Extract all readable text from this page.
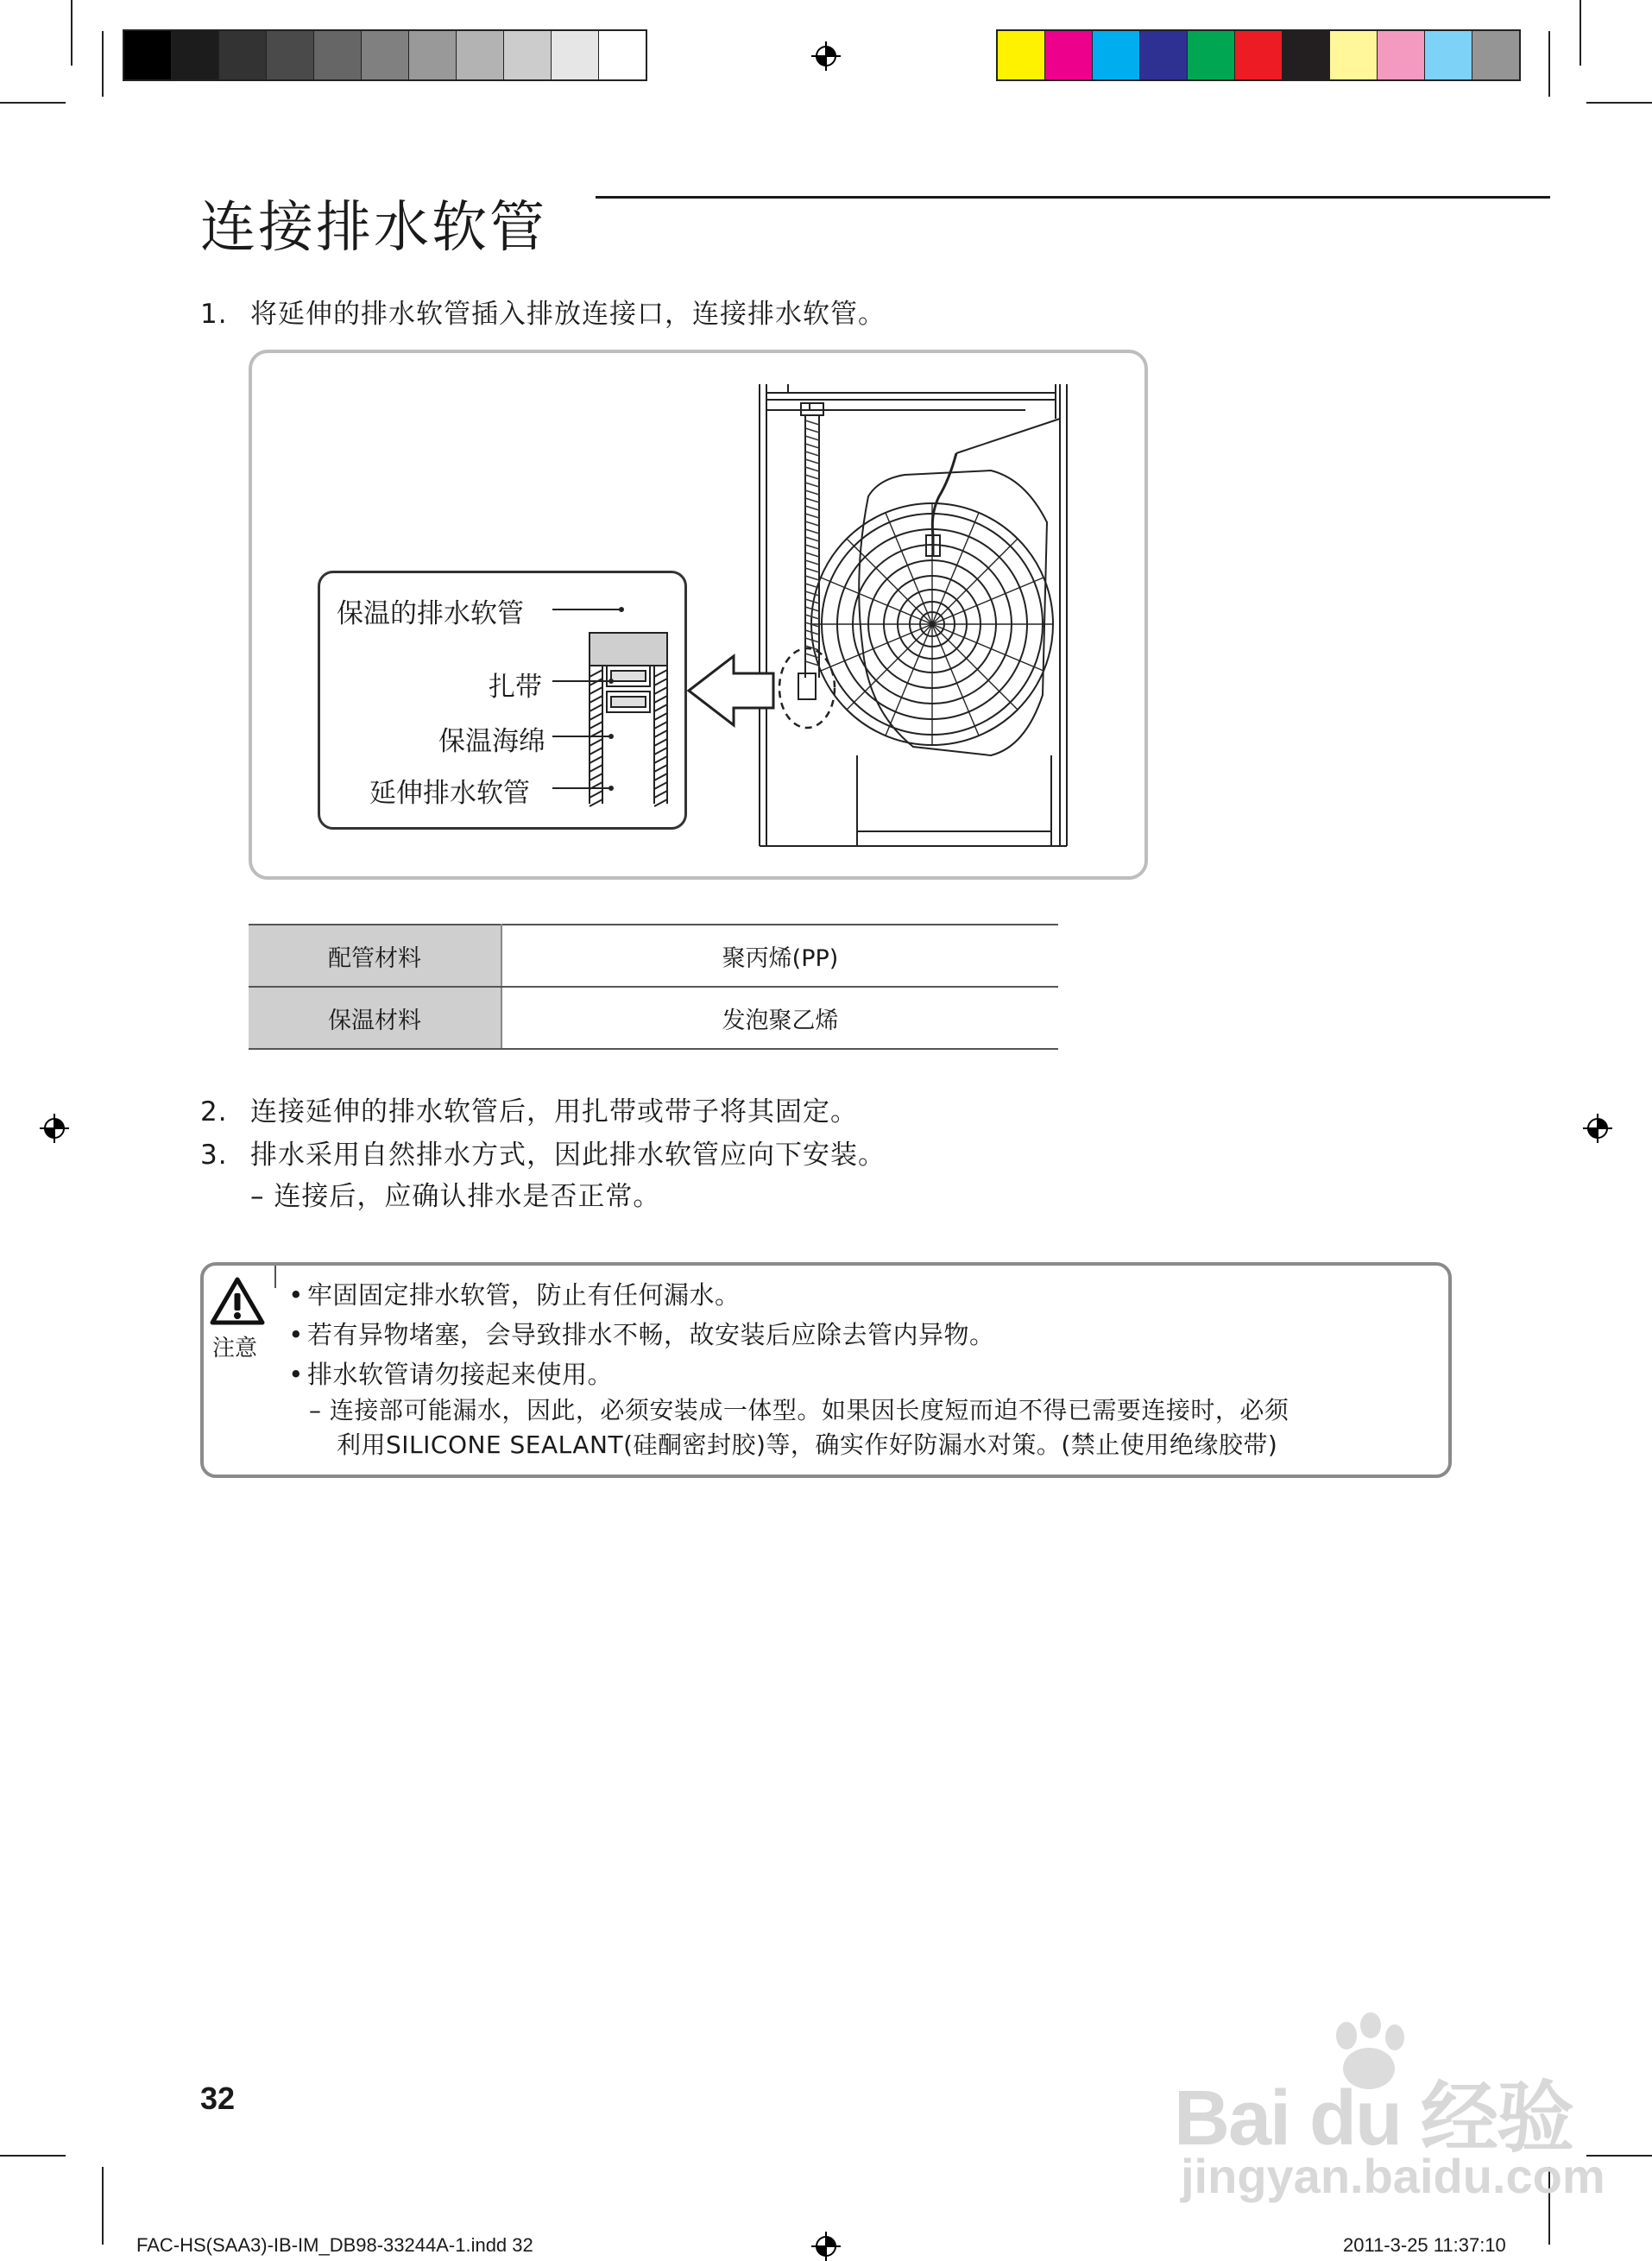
连接排水软管
1. 将延伸的排水软管插入排放连接口，连接排水软管。
保温的排水软管
扎带
保温海绵
延伸排水软管
配管材料	聚丙烯(PP)
保温材料	发泡聚乙烯
2. 连接延伸的排水软管后，用扎带或带子将其固定。
3. 排水采用自然排水方式，因此排水软管应向下安装。
– 连接后，应确认排水是否正常。
注意
• 牢固固定排水软管，防止有任何漏水。
• 若有异物堵塞，会导致排水不畅，故安装后应除去管内异物。
• 排水软管请勿接起来使用。
– 连接部可能漏水，因此，必须安装成一体型。如果因长度短而迫不得已需要连接时，必须
利用SILICONE SEALANT(硅酮密封胶)等，确实作好防漏水对策。(禁止使用绝缘胶带)
32
FAC-HS(SAA3)-IB-IM_DB98-33244A-1.indd 32	2011-3-25 11:37:10
Bai du 经验
jingyan.baidu.com
